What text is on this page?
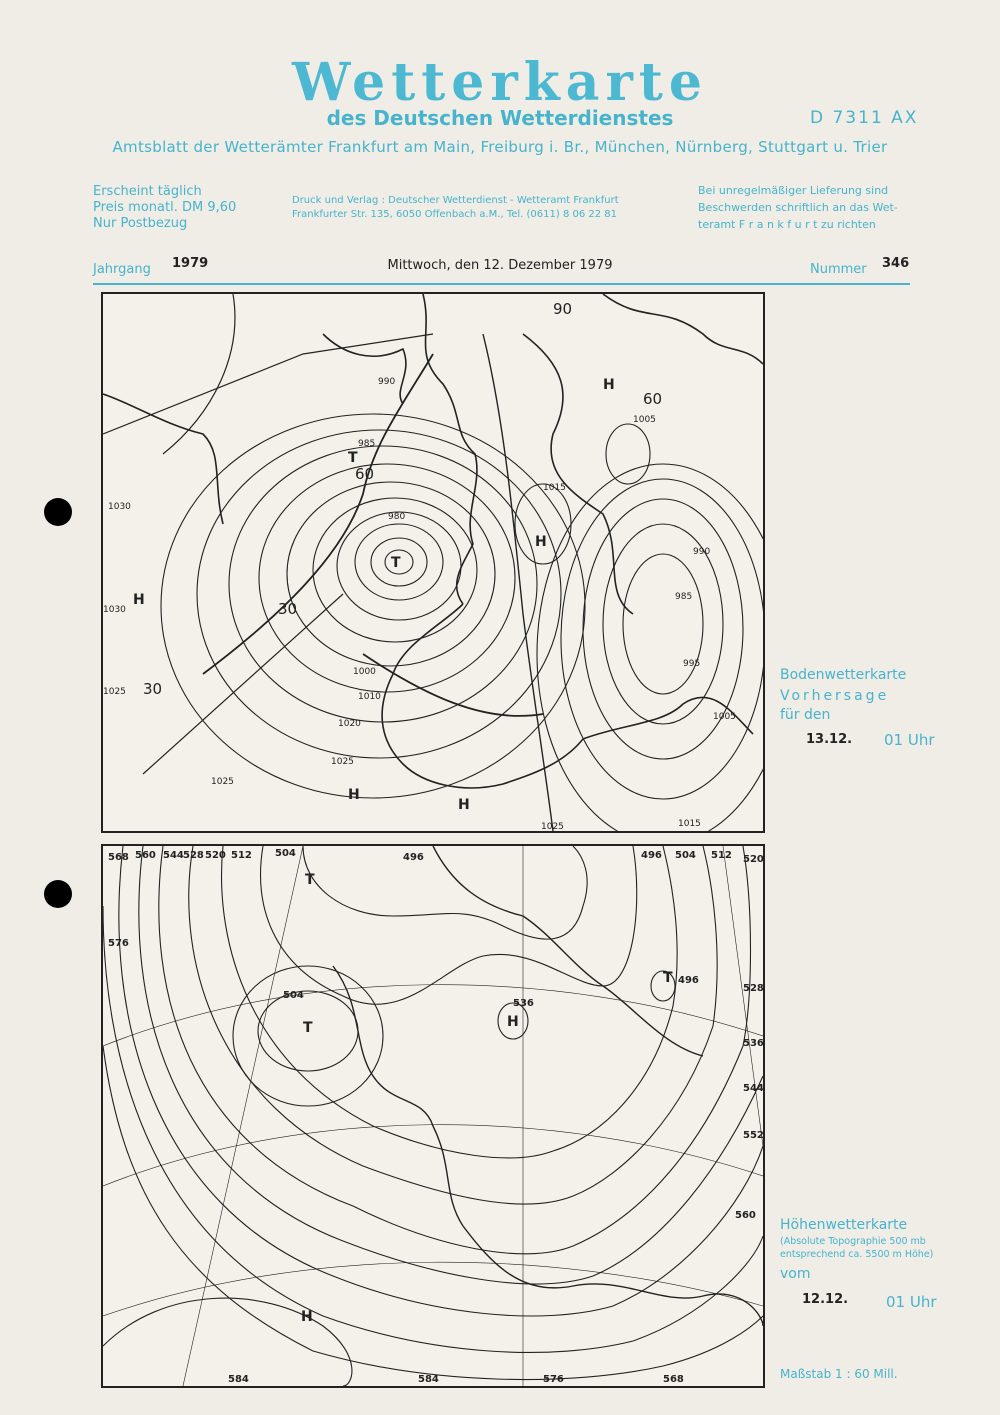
Wetterkarte
des Deutschen Wetterdienstes	D 7311 AX
Amtsblatt der Wetterämter Frankfurt am Main, Freiburg i. Br., München, Nürnberg, Stuttgart u. Trier
Erscheint täglich
Preis monatl. DM 9,60
Nur Postbezug
Druck und Verlag : Deutscher Wetterdienst - Wetteramt Frankfurt
Frankfurter Str. 135, 6050 Offenbach a.M., Tel. (0611) 8 06 22 81
Bei unregelmäßiger Lieferung sind
Beschwerden schriftlich an das Wet-
teramt F r a n k f u r t zu richten
Jahrgang 1979	Mittwoch, den 12. Dezember 1979	Nummer 346
990
985
980
1000
1010
1020
1025
1030
1030
1025
1005
1015
1005
995
985
990
1025
1025	1015
H
H
H
H
H
T
T
30
30
60
60
90
Bodenwetterkarte
Vorhersage
für den
13.12. 01 Uhr
568 560 544 528 520 512 504	496	496 504 512 520
576
504
536
496
528
536
544
552
560
584	584	576	568
T
T
T
H
H
Höhenwetterkarte
(Absolute Topographie 500 mb
entsprechend ca. 5500 m Höhe)
vom
12.12.	01 Uhr
Maßstab 1 : 60 Mill.
